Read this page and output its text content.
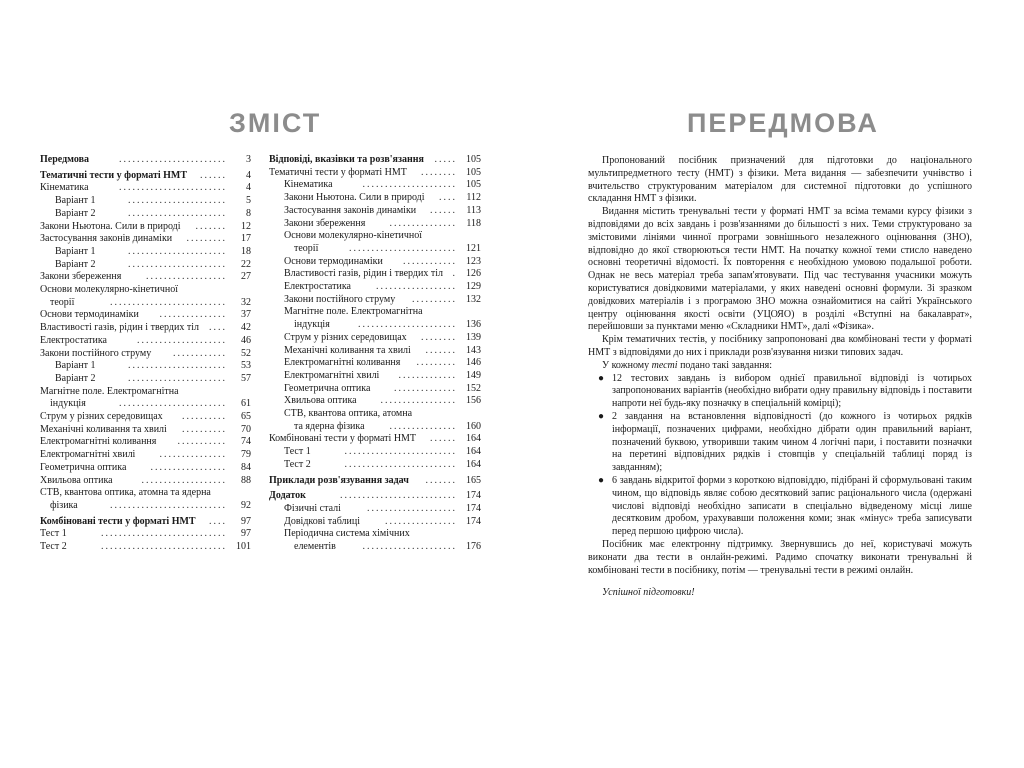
ЗМІСТ	ПЕРЕДМОВА
Передмова	........................	3
Тематичні тести у форматі НМТ ......	4
Кінематика	........................	4
Варіант 1	......................	5
Варіант 2	......................	8
Закони Ньютона. Сили в природі .......	12
Застосування законів динаміки .........	17
Варіант 1	......................	18
Варіант 2	......................	22
Закони збереження ..................	27
Основи молекулярно-кінетичної
теорії	..........................	32
Основи термодинаміки ...............	37
Властивості газів, рідин і твердих тіл ....	42
Електростатика	....................	46
Закони постійного струму ............	52
Варіант 1	......................	53
Варіант 2	......................	57
Магнітне поле. Електромагнітна
індукція	........................	61
Струм у різних середовищах ..........	65
Механічні коливання та хвилі ..........	70
Електромагнітні коливання ...........	74
Електромагнітні хвилі ...............	79
Геометрична оптика .................	84
Хвильова оптика	...................	88
СТВ, квантова оптика, атомна та ядерна
фізика	..........................	92
Комбіновані тести у форматі НМТ ....	97
Тест 1	............................	97
Тест 2	............................ 101
Відповіді, вказівки та розв'язання ..... 105
Тематичні тести у форматі НМТ ........ 105
Кінематика	..................... 105
Закони Ньютона. Сили в природі .... 112
Застосування законів динаміки ...... 113
Закони збереження ............... 118
Основи молекулярно-кінетичної
теорії	........................ 121
Основи термодинаміки ............ 123
Властивості газів, рідин і твердих тіл . 126
Електростатика	.................. 129
Закони постійного струму .......... 132
Магнітне поле. Електромагнітна
індукція	...................... 136
Струм у різних середовищах ........ 139
Механічні коливання та хвилі ....... 143
Електромагнітні коливання ......... 146
Електромагнітні хвилі ............. 149
Геометрична оптика .............. 152
Хвильова оптика ................. 156
СТВ, квантова оптика, атомна
та ядерна фізика ............... 160
Комбіновані тести у форматі НМТ ...... 164
Тест 1	......................... 164
Тест 2	......................... 164
Приклади розв'язування задач ....... 165
Додаток	.......................... 174
Фізичні сталі	.................... 174
Довідкові таблиці ................ 174
Періодична система хімічних
елементів	..................... 176

Пропонований посібник призначений для підготовки до національного мультипредметного тесту (НМТ) з фізики. Мета видання — забезпечити учнівство і вчительство структурованим матеріалом для системної підготовки до успішного складання НМТ з фізики.

Видання містить тренувальні тести у форматі НМТ за всіма темами курсу фізики з відповідями до всіх завдань і розв'язаннями до більшості з них. Теми структуровано за змістовими лініями чинної програми зовнішнього незалежного оцінювання (ЗНО), відповідно до якої створюються тести НМТ. На початку кожної теми стисло наведено основні теоретичні відомості. Їх повторення є необхідною умовою подальшої роботи. Однак не весь матеріал треба запам'ятовувати. Під час тестування учасники можуть користуватися довідковими матеріалами, у яких наведені основні формули. Зі зразком довідкових матеріалів і з програмою ЗНО можна ознайомитися на сайті Українського центру оцінювання якості освіти (УЦОЯО) в розділі «Вступні на бакалаврат», перейшовши за пунктами меню «Складники НМТ», далі «Фізика».

Крім тематичних тестів, у посібнику запропоновані два комбіновані тести у форматі НМТ з відповідями до них і приклади розв'язування низки типових задач.

У кожному тесті подано такі завдання:

● 12 тестових завдань із вибором однієї правильної відповіді із чотирьох запропонованих варіантів (необхідно вибрати одну правильну відповідь і поставити напроти неї будь-яку позначку в спеціальній комірці);
● 2 завдання на встановлення відповідності (до кожного із чотирьох рядків інформації, позначених цифрами, необхідно дібрати один правильний варіант, позначений буквою, утворивши таким чином 4 логічні пари, і поставити позначки на перетині відповідних рядків і стовпців у спеціальній таблиці поряд із завданням);
● 6 завдань відкритої форми з короткою відповіддю, підібрані й сформульовані таким чином, що відповідь являє собою десятковий запис раціонального числа (одержані числові відповіді необхідно записати в спеціально відведеному місці лише десятковим дробом, урахувавши положення коми; знак «мінус» треба записувати перед першою цифрою числа).

Посібник має електронну підтримку. Звернувшись до неї, користувачі можуть виконати два тести в онлайн-режимі. Радимо спочатку виконати тренувальні й комбіновані тести в посібнику, потім — тренувальні тести в режимі онлайн.

Успішної підготовки!
